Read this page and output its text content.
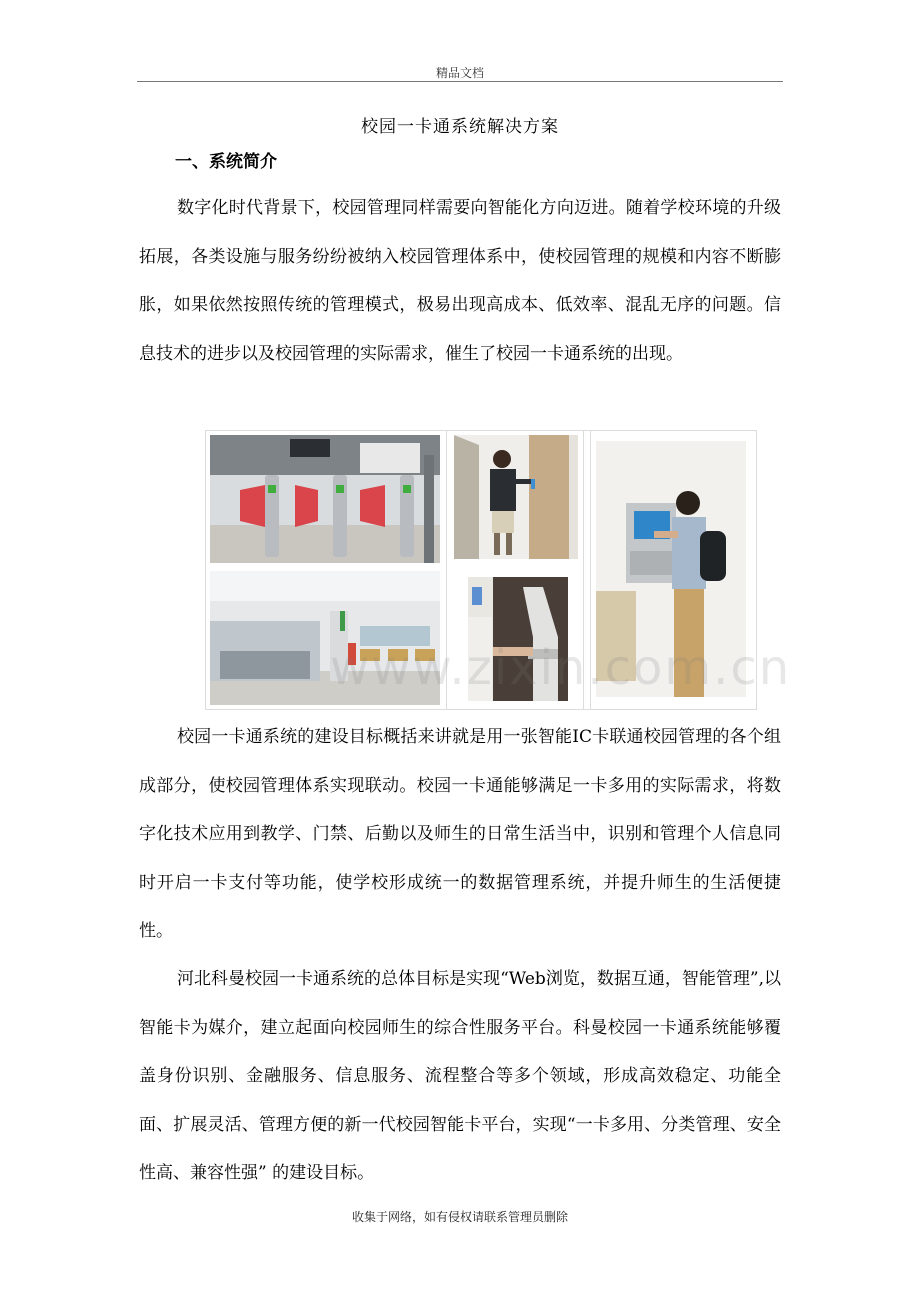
精品文档
校园一卡通系统解决方案
一、系统简介

数字化时代背景下，校园管理同样需要向智能化方向迈进。随着学校环境的升级拓展，各类设施与服务纷纷被纳入校园管理体系中，使校园管理的规模和内容不断膨胀，如果依然按照传统的管理模式，极易出现高成本、低效率、混乱无序的问题。信息技术的进步以及校园管理的实际需求，催生了校园一卡通系统的出现。

www.zixin.com.cn

校园一卡通系统的建设目标概括来讲就是用一张智能IC卡联通校园管理的各个组成部分，使校园管理体系实现联动。校园一卡通能够满足一卡多用的实际需求，将数字化技术应用到教学、门禁、后勤以及师生的日常生活当中，识别和管理个人信息同时开启一卡支付等功能，使学校形成统一的数据管理系统，并提升师生的生活便捷性。

河北科曼校园一卡通系统的总体目标是实现“Web浏览，数据互通，智能管理”,以智能卡为媒介，建立起面向校园师生的综合性服务平台。科曼校园一卡通系统能够覆盖身份识别、金融服务、信息服务、流程整合等多个领域，形成高效稳定、功能全面、扩展灵活、管理方便的新一代校园智能卡平台，实现“一卡多用、分类管理、安全性高、兼容性强” 的建设目标。

收集于网络，如有侵权请联系管理员删除
